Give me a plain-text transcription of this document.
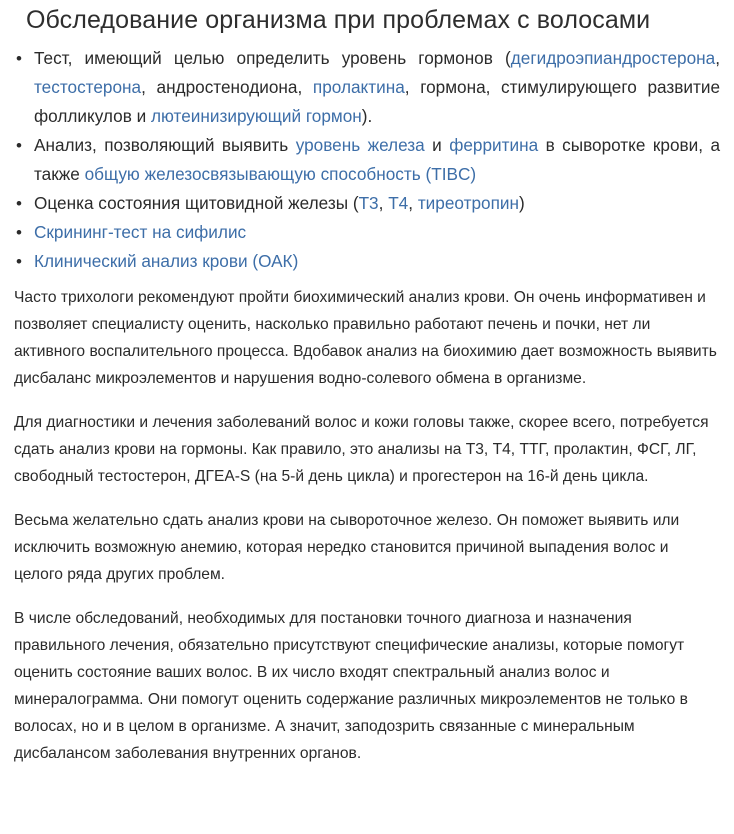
Обследование организма при проблемах с волосами
• Тест, имеющий целью определить уровень гормонов (дегидроэпиандростерона, тестостерона, андростенодиона, пролактина, гормона, стимулирующего развитие фолликулов и лютеинизирующий гормон).
• Анализ, позволяющий выявить уровень железа и ферритина в сыворотке крови, а также общую железосвязывающую способность (TIBC)
• Оценка состояния щитовидной железы (Т3, Т4, тиреотропин)
• Скрининг-тест на сифилис
• Клинический анализ крови (ОАК)

Часто трихологи рекомендуют пройти биохимический анализ крови. Он очень информативен и позволяет специалисту оценить, насколько правильно работают печень и почки, нет ли активного воспалительного процесса. Вдобавок анализ на биохимию дает возможность выявить дисбаланс микроэлементов и нарушения водно-солевого обмена в организме.

Для диагностики и лечения заболеваний волос и кожи головы также, скорее всего, потребуется сдать анализ крови на гормоны. Как правило, это анализы на Т3, Т4, ТТГ, пролактин, ФСГ, ЛГ, свободный тестостерон, ДГЕА-S (на 5-й день цикла) и прогестерон на 16-й день цикла.

Весьма желательно сдать анализ крови на сывороточное железо. Он поможет выявить или исключить возможную анемию, которая нередко становится причиной выпадения волос и целого ряда других проблем.

В числе обследований, необходимых для постановки точного диагноза и назначения правильного лечения, обязательно присутствуют специфические анализы, которые помогут оценить состояние ваших волос. В их число входят спектральный анализ волос и минералограмма. Они помогут оценить содержание различных микроэлементов не только в волосах, но и в целом в организме. А значит, заподозрить связанные с минеральным дисбалансом заболевания внутренних органов.
